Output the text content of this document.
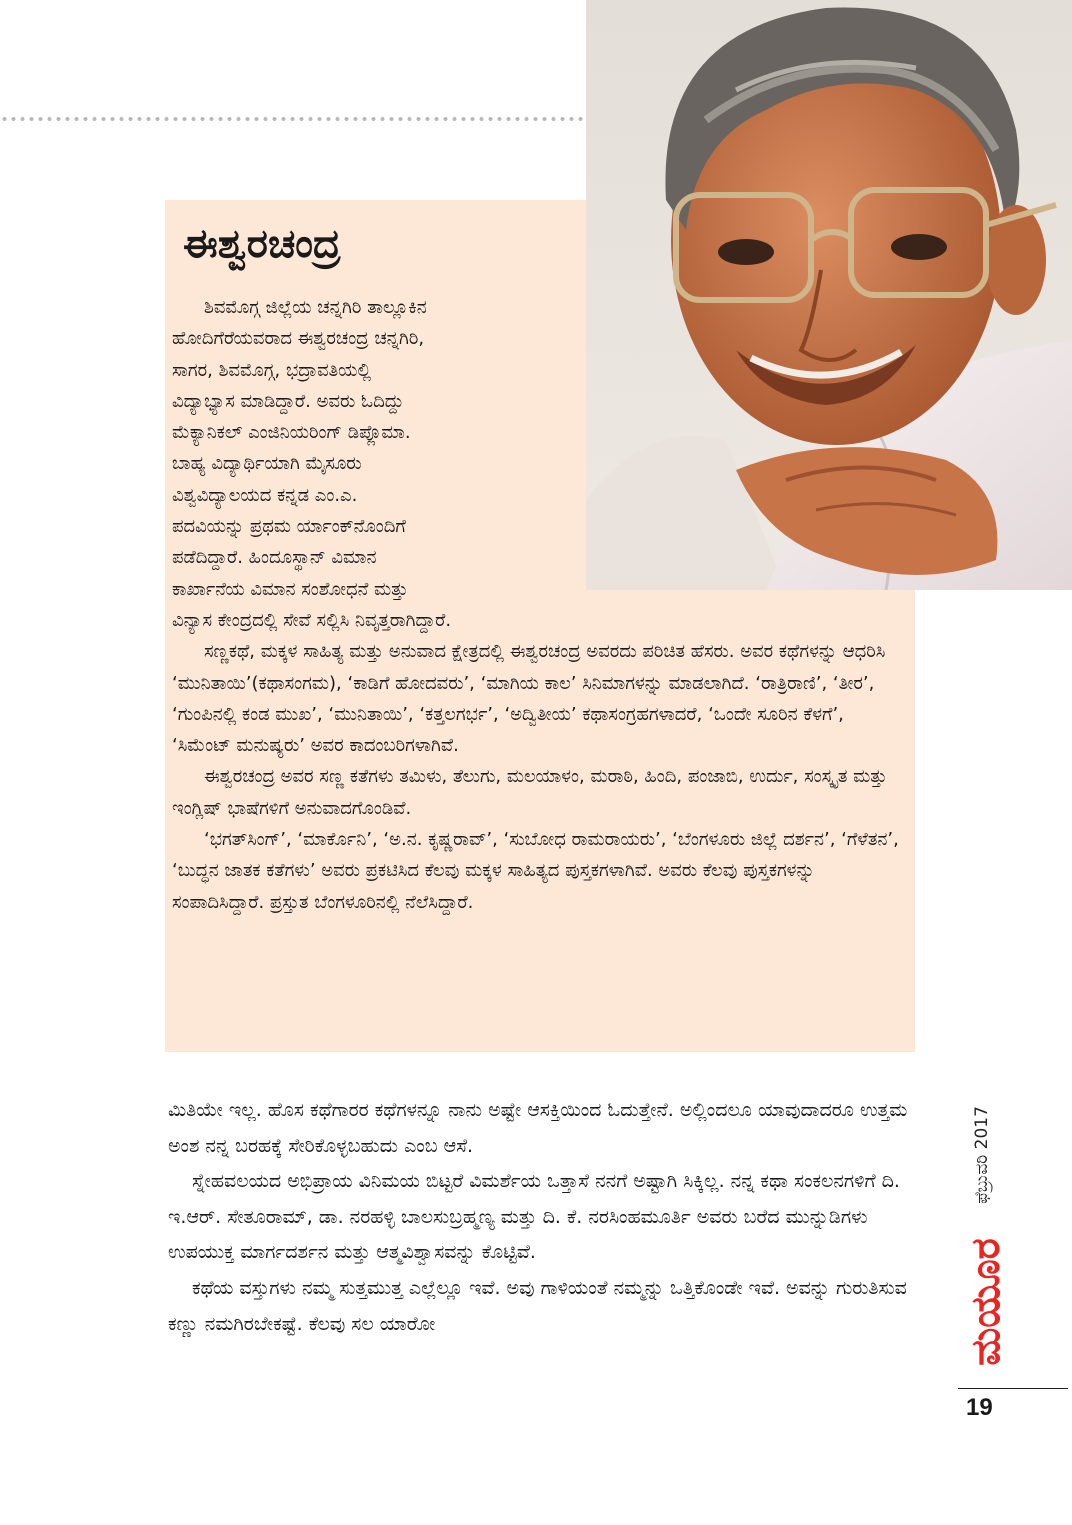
ಈಶ್ವರಚಂದ್ರ

ಶಿವಮೊಗ್ಗ ಜಿಲ್ಲೆಯ ಚನ್ನಗಿರಿ ತಾಲ್ಲೂಕಿನ

ಹೋದಿಗೆರೆಯವರಾದ ಈಶ್ವರಚಂದ್ರ ಚನ್ನಗಿರಿ,

ಸಾಗರ, ಶಿವಮೊಗ್ಗ, ಭದ್ರಾವತಿಯಲ್ಲಿ

ವಿದ್ಯಾಭ್ಯಾಸ ಮಾಡಿದ್ದಾರೆ. ಅವರು ಓದಿದ್ದು

ಮೆಕ್ಯಾನಿಕಲ್ ಎಂಜಿನಿಯರಿಂಗ್ ಡಿಪ್ಲೊಮಾ.

ಬಾಹ್ಯ ವಿದ್ಯಾರ್ಥಿಯಾಗಿ ಮೈಸೂರು

ವಿಶ್ವವಿದ್ಯಾಲಯದ ಕನ್ನಡ ಎಂ.ಎ.

ಪದವಿಯನ್ನು ಪ್ರಥಮ ರ್ಯಾಂಕ್‌ನೊಂದಿಗೆ

ಪಡೆದಿದ್ದಾರೆ. ಹಿಂದೂಸ್ಥಾನ್ ವಿಮಾನ

ಕಾರ್ಖಾನೆಯ ವಿಮಾನ ಸಂಶೋಧನೆ ಮತ್ತು

ವಿನ್ಯಾಸ ಕೇಂದ್ರದಲ್ಲಿ ಸೇವೆ ಸಲ್ಲಿಸಿ ನಿವೃತ್ತರಾಗಿದ್ದಾರೆ.

ಸಣ್ಣಕಥೆ, ಮಕ್ಕಳ ಸಾಹಿತ್ಯ ಮತ್ತು ಅನುವಾದ ಕ್ಷೇತ್ರದಲ್ಲಿ ಈಶ್ವರಚಂದ್ರ ಅವರದು ಪರಿಚಿತ ಹೆಸರು. ಅವರ ಕಥೆಗಳನ್ನು ಆಧರಿಸಿ ‘ಮುನಿತಾಯಿ’(ಕಥಾಸಂಗಮ), ‘ಕಾಡಿಗೆ ಹೋದವರು’, ‘ಮಾಗಿಯ ಕಾಲ’ ಸಿನಿಮಾಗಳನ್ನು ಮಾಡಲಾಗಿದೆ. ‘ರಾತ್ರಿರಾಣಿ’, ‘ತೀರ’, ‘ಗುಂಪಿನಲ್ಲಿ ಕಂಡ ಮುಖ’, ‘ಮುನಿತಾಯಿ’, ‘ಕತ್ತಲಗರ್ಭ’, ‘ಅದ್ವಿತೀಯ’ ಕಥಾಸಂಗ್ರಹಗಳಾದರೆ, ‘ಒಂದೇ ಸೂರಿನ ಕೆಳಗೆ’, ‘ಸಿಮೆಂಟ್ ಮನುಷ್ಯರು’ ಅವರ ಕಾದಂಬರಿಗಳಾಗಿವೆ.

ಈಶ್ವರಚಂದ್ರ ಅವರ ಸಣ್ಣ ಕತೆಗಳು ತಮಿಳು, ತೆಲುಗು, ಮಲಯಾಳಂ, ಮರಾಠಿ, ಹಿಂದಿ, ಪಂಜಾಬಿ, ಉರ್ದು, ಸಂಸ್ಕೃತ ಮತ್ತು ಇಂಗ್ಲಿಷ್ ಭಾಷೆಗಳಿಗೆ ಅನುವಾದಗೊಂಡಿವೆ.

‘ಭಗತ್‌ಸಿಂಗ್’, ‘ಮಾರ್ಕೊನಿ’, ‘ಅ.ನ. ಕೃಷ್ಣರಾವ್’, ‘ಸುಬೋಧ ರಾಮರಾಯರು’, ‘ಬೆಂಗಳೂರು ಜಿಲ್ಲೆ ದರ್ಶನ’, ‘ಗೆಳೆತನ’, ‘ಬುದ್ಧನ ಜಾತಕ ಕತೆಗಳು’ ಅವರು ಪ್ರಕಟಿಸಿದ ಕೆಲವು ಮಕ್ಕಳ ಸಾಹಿತ್ಯದ ಪುಸ್ತಕಗಳಾಗಿವೆ. ಅವರು ಕೆಲವು ಪುಸ್ತಕಗಳನ್ನು ಸಂಪಾದಿಸಿದ್ದಾರೆ. ಪ್ರಸ್ತುತ ಬೆಂಗಳೂರಿನಲ್ಲಿ ನೆಲೆಸಿದ್ದಾರೆ.

ಮಿತಿಯೇ ಇಲ್ಲ. ಹೊಸ ಕಥೆಗಾರರ ಕಥೆಗಳನ್ನೂ ನಾನು ಅಷ್ಟೇ ಆಸಕ್ತಿಯಿಂದ ಓದುತ್ತೇನೆ. ಅಲ್ಲಿಂದಲೂ ಯಾವುದಾದರೂ ಉತ್ತಮ ಅಂಶ ನನ್ನ ಬರಹಕ್ಕೆ ಸೇರಿಕೊಳ್ಳಬಹುದು ಎಂಬ ಆಸೆ.

ಸ್ನೇಹವಲಯದ ಅಭಿಪ್ರಾಯ ವಿನಿಮಯ ಬಿಟ್ಟರೆ ವಿಮರ್ಶೆಯ ಒತ್ತಾಸೆ ನನಗೆ ಅಷ್ಟಾಗಿ ಸಿಕ್ಕಿಲ್ಲ. ನನ್ನ ಕಥಾ ಸಂಕಲನಗಳಿಗೆ ದಿ. ಇ.ಆರ್. ಸೇತೂರಾಮ್, ಡಾ. ನರಹಳ್ಳಿ ಬಾಲಸುಬ್ರಹ್ಮಣ್ಯ ಮತ್ತು ದಿ. ಕೆ. ನರಸಿಂಹಮೂರ್ತಿ ಅವರು ಬರೆದ ಮುನ್ನುಡಿಗಳು ಉಪಯುಕ್ತ ಮಾರ್ಗದರ್ಶನ ಮತ್ತು ಆತ್ಮವಿಶ್ವಾಸವನ್ನು ಕೊಟ್ಟಿವೆ.

ಕಥೆಯ ವಸ್ತುಗಳು ನಮ್ಮ ಸುತ್ತಮುತ್ತ ಎಲ್ಲೆಲ್ಲೂ ಇವೆ. ಅವು ಗಾಳಿಯಂತೆ ನಮ್ಮನ್ನು ಒತ್ತಿಕೊಂಡೇ ಇವೆ. ಅವನ್ನು ಗುರುತಿಸುವ ಕಣ್ಣು ನಮಗಿರಬೇಕಷ್ಟೆ. ಕೆಲವು ಸಲ ಯಾರೋ

ಫೆಬ್ರುವರಿ 2017
ಮಯೂರ
19
